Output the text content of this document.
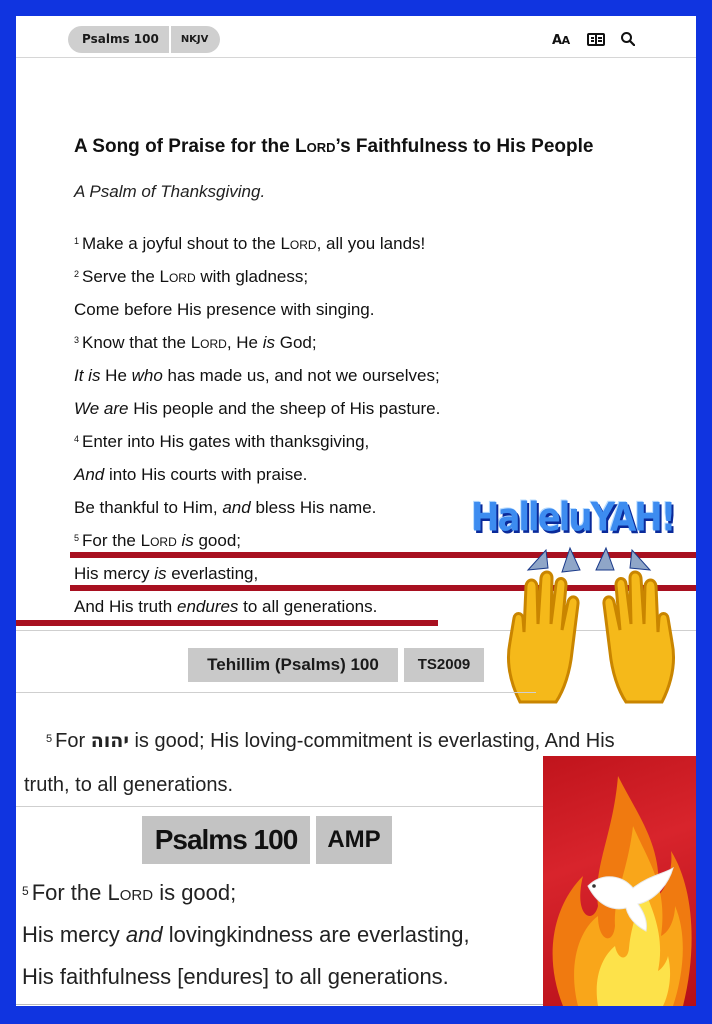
Psalms 100	NKJV	AA
A Song of Praise for the Lord’s Faithfulness to His People
A Psalm of Thanksgiving.
$^1$ Make a joyful shout to the Lord, all you lands!
$^2$ Serve the Lord with gladness;
Come before His presence with singing.
$^3$ Know that the Lord, He is God;
It is He who has made us, and not we ourselves;
We are His people and the sheep of His pasture.
$^4$ Enter into His gates with thanksgiving,
And into His courts with praise.
Be thankful to Him, and bless His name.
$^5$ For the Lord is good;
His mercy is everlasting,
And His truth endures to all generations.
HalleluYAH!
Tehillim (Psalms) 100	TS2009
$^5$ For יהוה is good; His loving-commitment is everlasting, And His
truth, to all generations.
Psalms 100	AMP
$^5$ For the Lord is good;
His mercy and lovingkindness are everlasting,
His faithfulness [endures] to all generations.
